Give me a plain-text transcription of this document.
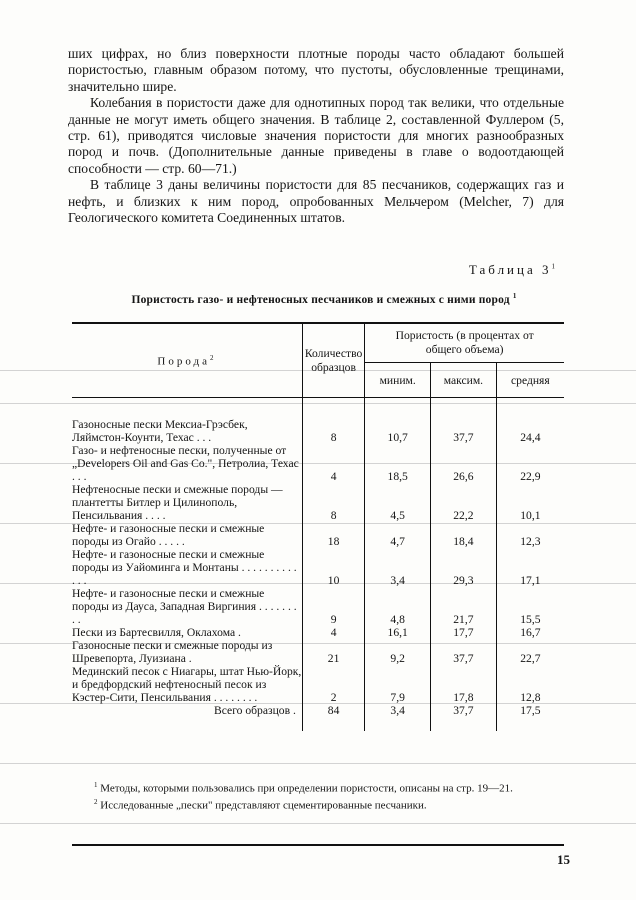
ших цифрах, но близ поверхности плотные породы часто обладают большей пористостью, главным образом потому, что пустоты, обусловленные трещинами, значительно шире.

Колебания в пористости даже для однотипных пород так велики, что отдельные данные не могут иметь общего значения. В таблице 2, составленной Фуллером (5, стр. 61), приводятся числовые значения пористости для многих разнообразных пород и почв. (Дополнительные данные приведены в главе о водоотдающей способности — стр. 60—71.)

В таблице 3 даны величины пористости для 85 песчаников, содержащих газ и нефть, и близких к ним пород, опробованных Мельчером (Melcher, 7) для Геологического комитета Соединенных штатов.

Таблица $3^1$
Пористость газо- и нефтеносных песчаников и смежных с ними пород $^1$
Порода$^2$	Количество образцов	Пористость (в процентах от общего объема)		
		миним.	максим.	средняя

Газоносные пески Мексиа-Грэсбек, Ляймстон-Коунти, Техас . . .	8	10,7	37,7	24,4
Газо- и нефтеносные пески, полученные от „Developers Oil and Gas Co.", Петролиа, Техас . . .	4	18,5	26,6	22,9
Нефтеносные пески и смежные породы — плантетты Битлер и Цилинополь, Пенсильвания . . . .	8	4,5	22,2	10,1
Нефте- и газоносные пески и смежные породы из Огайо . . . . .	18	4,7	18,4	12,3
Нефте- и газоносные пески и смежные породы из Уайоминга и Монтаны . . . . . . . . . . . . .	10	3,4	29,3	17,1
Нефте- и газоносные пески и смежные породы из Дауса, Западная Виргиния . . . . . . . . .	9	4,8	21,7	15,5
Пески из Бартесвилля, Оклахома .	4	16,1	17,7	16,7
Газоносные пески и смежные породы из Шревепорта, Луизиана .	21	9,2	37,7	22,7
Мединский песок с Ниагары, штат Нью-Йорк, и бредфордский нефтеносный песок из Кэстер-Сити, Пенсильвания . . . . . . . .	2	7,9	17,8	12,8
Всего образцов .	84	3,4	37,7	17,5

$^1$ Методы, которыми пользовались при определении пористости, описаны на стр. 19—21.

$^2$ Исследованные „пески" представляют сцементированные песчаники.

15
